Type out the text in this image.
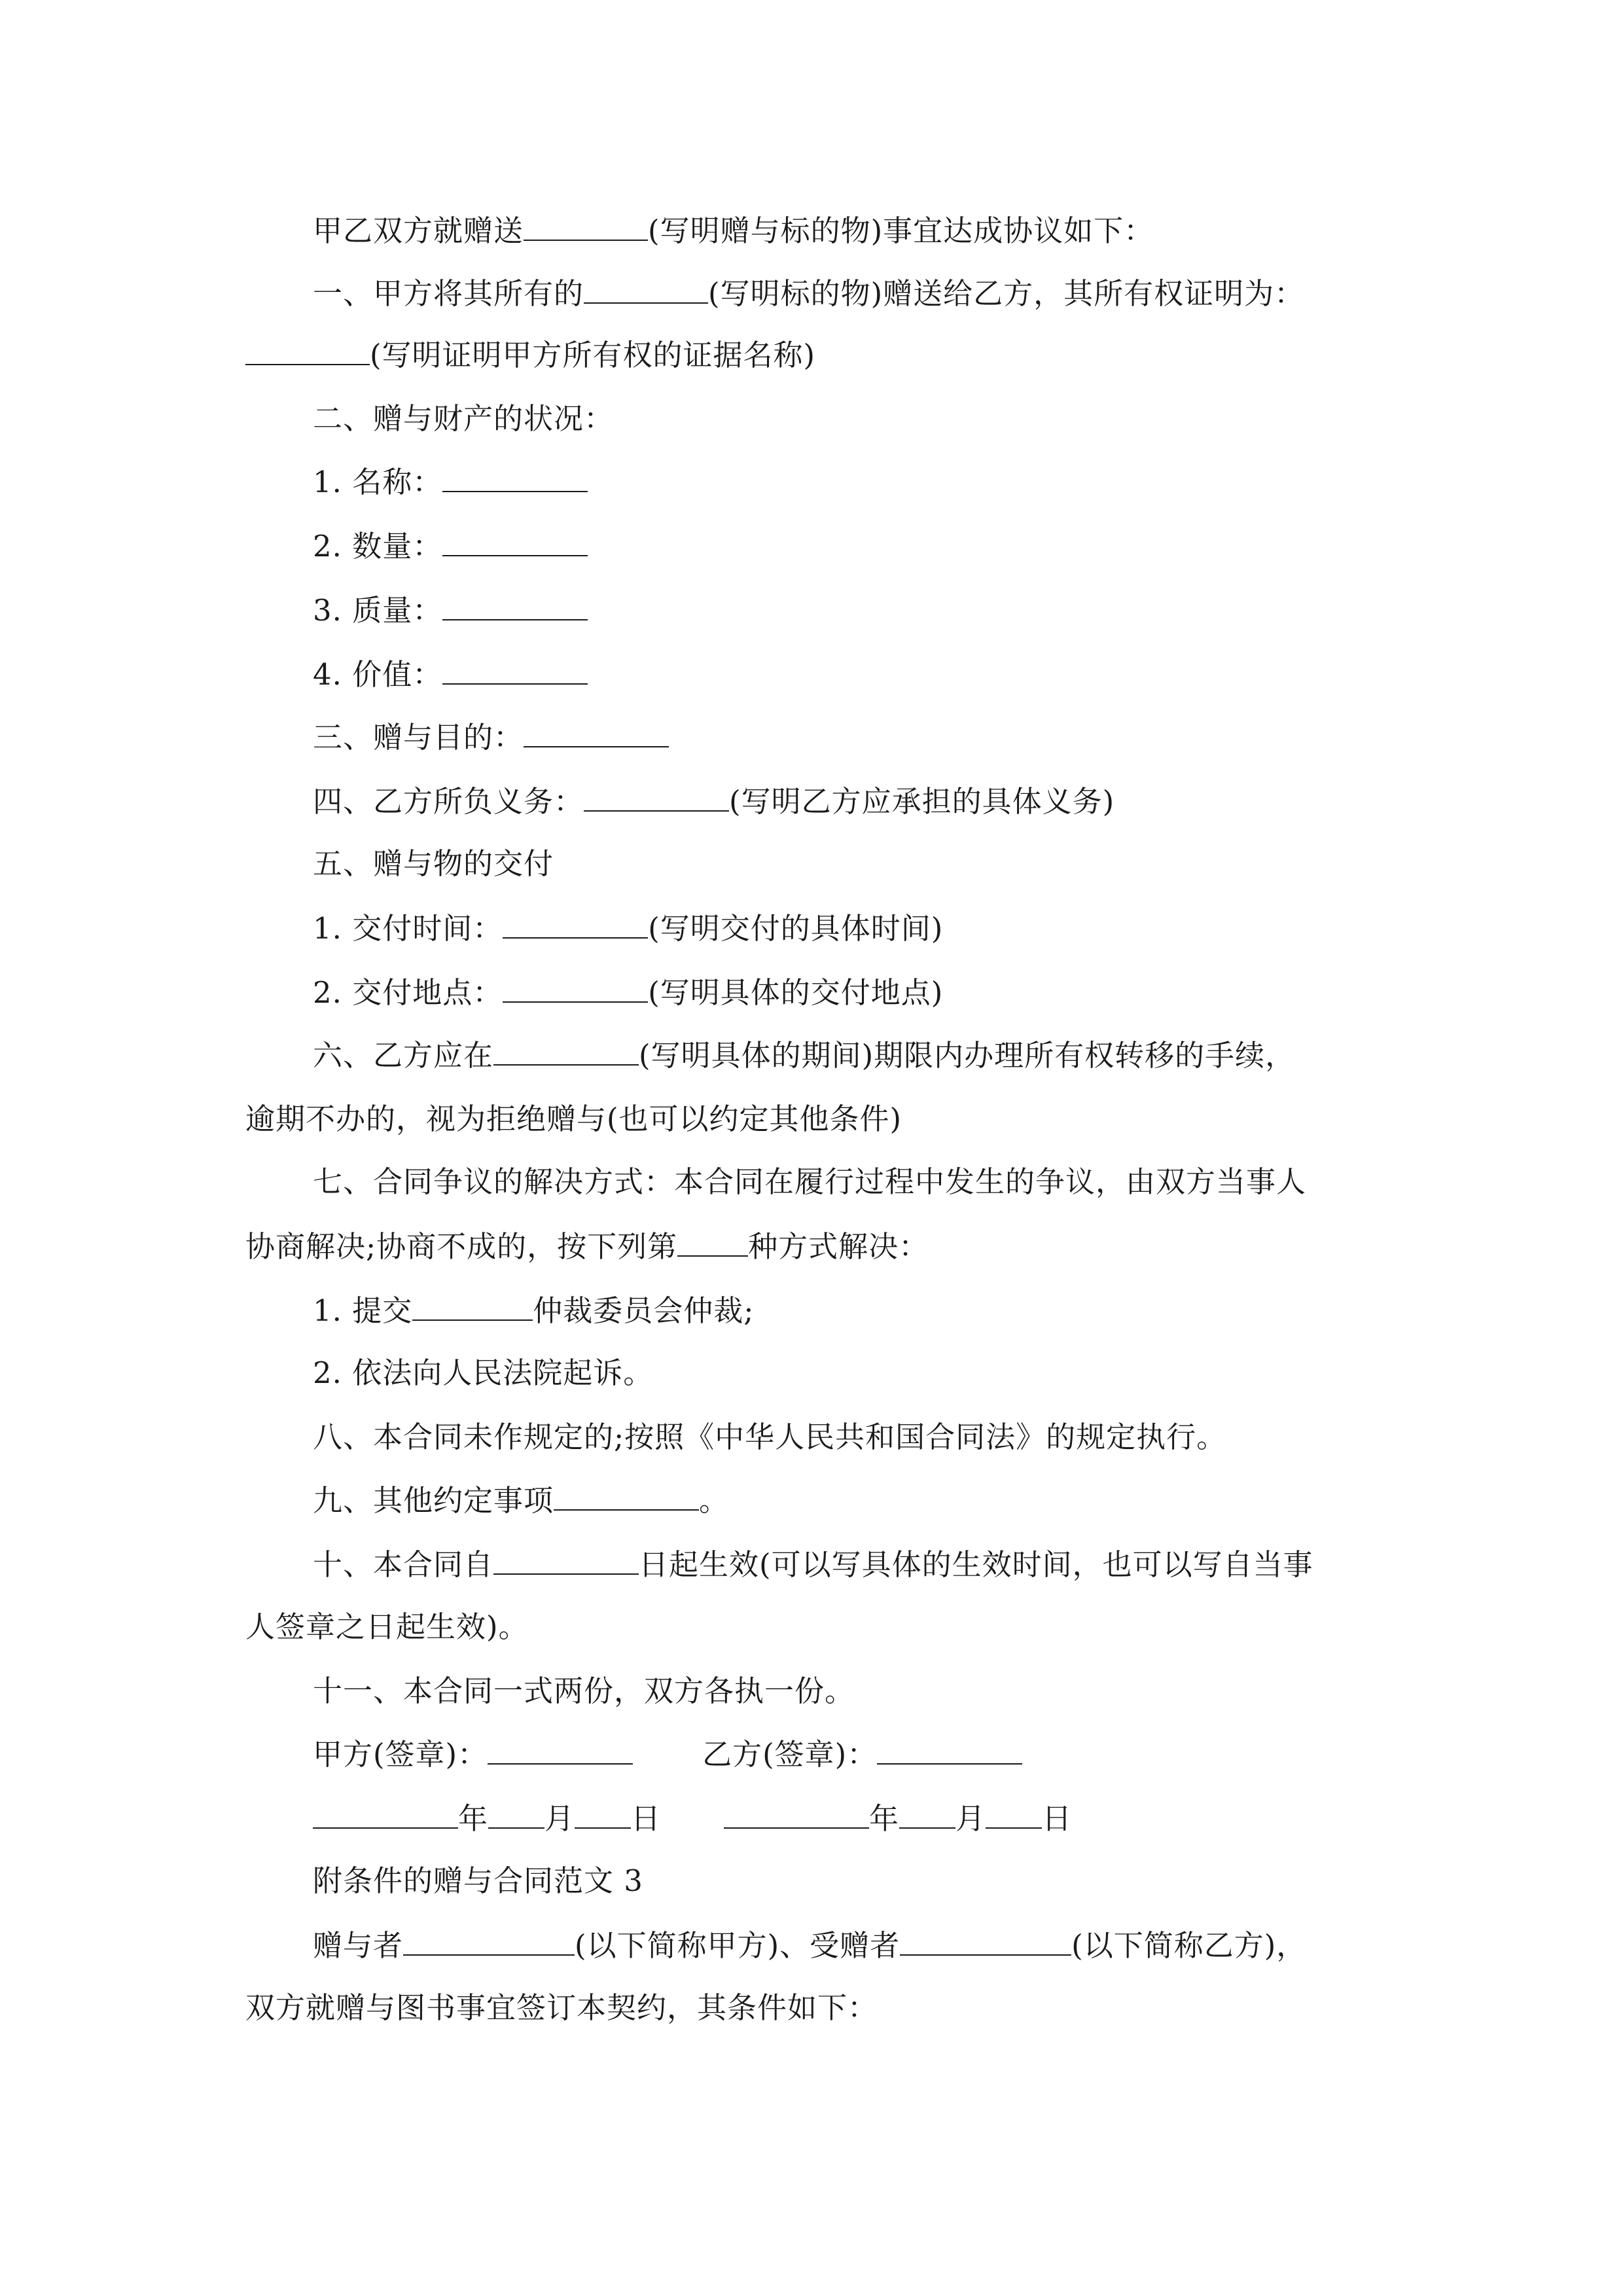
甲乙双方就赠送	(写明赠与标的物)事宜达成协议如下：
一、甲方将其所有的	(写明标的物)赠送给乙方，其所有权证明为：
(写明证明甲方所有权的证据名称)
二、赠与财产的状况：
1. 名称：
2. 数量：
3. 质量：
4. 价值：
三、赠与目的：
四、乙方所负义务：	(写明乙方应承担的具体义务)
五、赠与物的交付
1. 交付时间：	(写明交付的具体时间)
2. 交付地点：	(写明具体的交付地点)
六、乙方应在	(写明具体的期间)期限内办理所有权转移的手续，
逾期不办的，视为拒绝赠与(也可以约定其他条件)
七、合同争议的解决方式：本合同在履行过程中发生的争议，由双方当事人
协商解决;协商不成的，按下列第 种方式解决：
1. 提交	仲裁委员会仲裁;
2. 依法向人民法院起诉。
八、本合同未作规定的;按照《中华人民共和国合同法》的规定执行。
九、其他约定事项	。
十、本合同自	日起生效(可以写具体的生效时间，也可以写自当事
人签章之日起生效)。
十一、本合同一式两份，双方各执一份。
甲方(签章)：	乙方(签章)：
年 月 日	年 月 日
附条件的赠与合同范文 3
赠与者	(以下简称甲方)、受赠者	(以下简称乙方)，
双方就赠与图书事宜签订本契约，其条件如下：
